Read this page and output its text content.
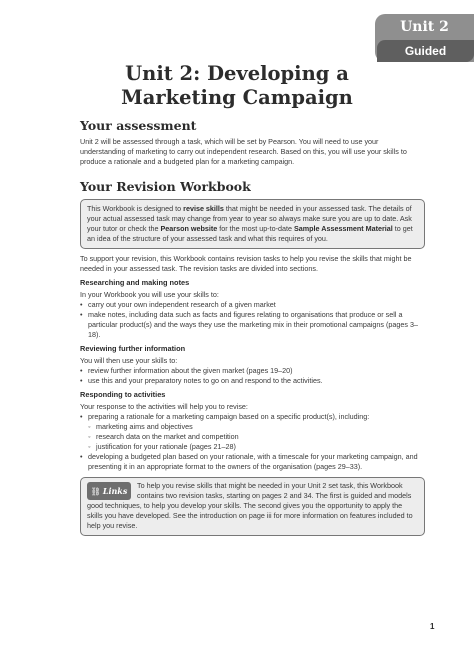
Unit 2
Guided
Unit 2: Developing a
Marketing Campaign
Your assessment

Unit 2 will be assessed through a task, which will be set by Pearson. You will need to use your understanding of marketing to carry out independent research. Based on this, you will use your skills to produce a rationale and a budgeted plan for a marketing campaign.

Your Revision Workbook

This Workbook is designed to revise skills that might be needed in your assessed task. The details of your actual assessed task may change from year to year so always make sure you are up to date. Ask your tutor or check the Pearson website for the most up-to-date Sample Assessment Material to get an idea of the structure of your assessed task and what this requires of you.

To support your revision, this Workbook contains revision tasks to help you revise the skills that might be needed in your assessed task. The revision tasks are divided into sections.

Researching and making notes

In your Workbook you will use your skills to:

• carry out your own independent research of a given market
• make notes, including data such as facts and figures relating to organisations that produce or sell a particular product(s) and the ways they use the marketing mix in their promotional campaigns (pages 3–18).
Reviewing further information

You will then use your skills to:

• review further information about the given market (pages 19–20)
• use this and your preparatory notes to go on and respond to the activities.
Responding to activities

Your response to the activities will help you to revise:

• preparing a rationale for a marketing campaign based on a specific product(s), including:
◦ marketing aims and objectives
◦ research data on the market and competition
◦ justification for your rationale (pages 21–28)
• developing a budgeted plan based on your rationale, with a timescale for your marketing campaign, and presenting it in an appropriate format to the owners of the organisation (pages 29–33).
⛓ Links

To help you revise skills that might be needed in your Unit 2 set task, this Workbook contains two revision tasks, starting on pages 2 and 34. The first is guided and models good techniques, to help you develop your skills. The second gives you the opportunity to apply the skills you have developed. See the introduction on page iii for more information on features included to help you revise.

1
